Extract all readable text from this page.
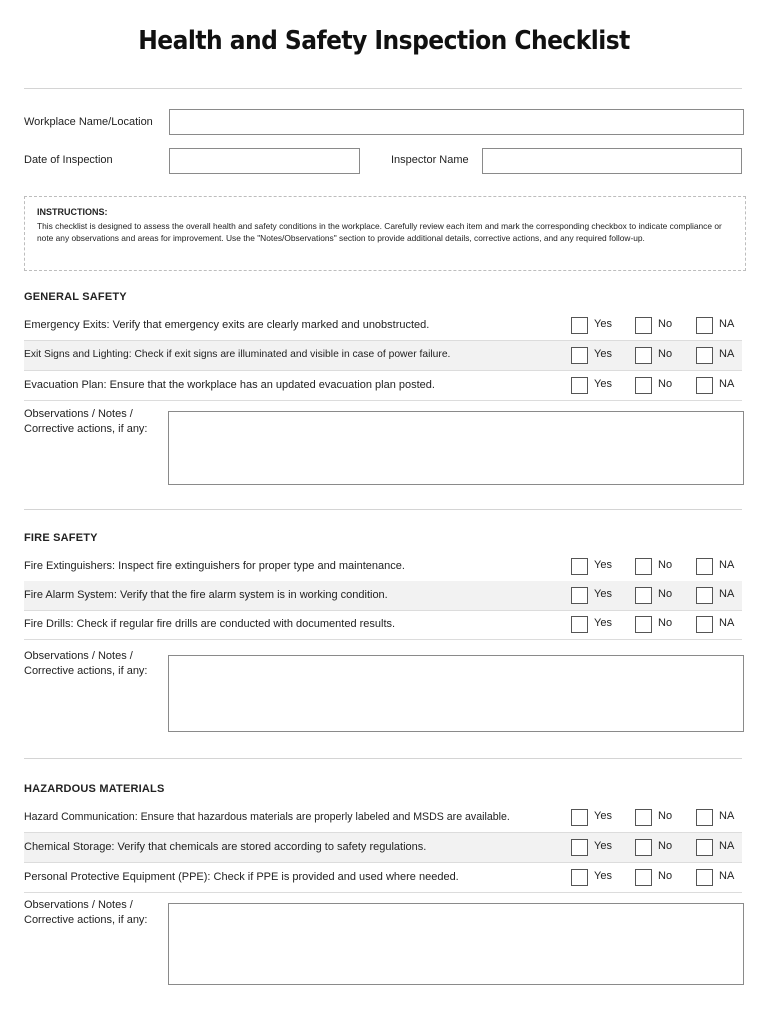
Health and Safety Inspection Checklist
Workplace Name/Location
Date of Inspection	Inspector Name
INSTRUCTIONS:
This checklist is designed to assess the overall health and safety conditions in the workplace. Carefully review each item and mark the corresponding checkbox to indicate compliance or note any observations and areas for improvement. Use the "Notes/Observations" section to provide additional details, corrective actions, and any required follow-up.
GENERAL SAFETY
Emergency Exits: Verify that emergency exits are clearly marked and unobstructed.	Yes	No	NA
Exit Signs and Lighting: Check if exit signs are illuminated and visible in case of power failure.	Yes	No	NA
Evacuation Plan: Ensure that the workplace has an updated evacuation plan posted.	Yes	No	NA
Observations / Notes /
Corrective actions, if any:
FIRE SAFETY
Fire Extinguishers: Inspect fire extinguishers for proper type and maintenance.	Yes	No	NA
Fire Alarm System: Verify that the fire alarm system is in working condition.	Yes	No	NA
Fire Drills: Check if regular fire drills are conducted with documented results.	Yes	No	NA
Observations / Notes /
Corrective actions, if any:
HAZARDOUS MATERIALS
Hazard Communication: Ensure that hazardous materials are properly labeled and MSDS are available.	Yes	No	NA
Chemical Storage: Verify that chemicals are stored according to safety regulations.	Yes	No	NA
Personal Protective Equipment (PPE): Check if PPE is provided and used where needed.	Yes	No	NA
Observations / Notes /
Corrective actions, if any:
